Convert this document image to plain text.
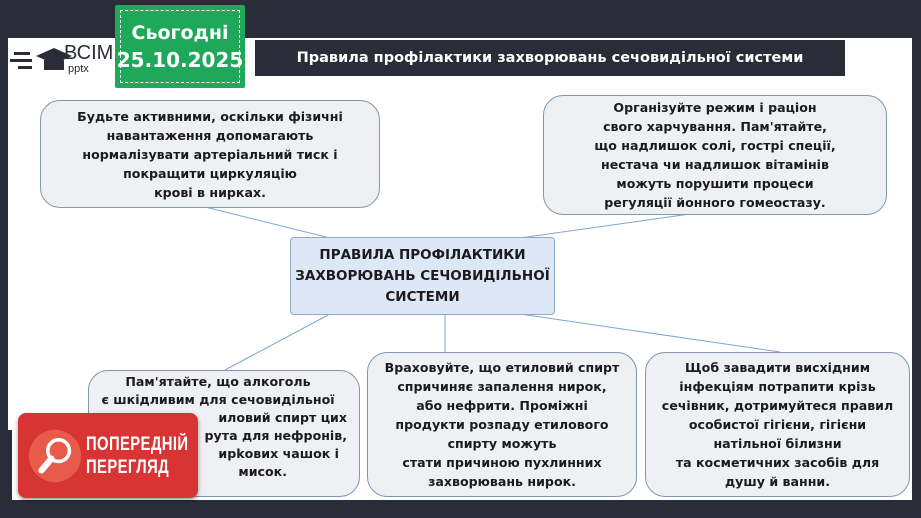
ВСІМ
pptx
Сьогодні
25.10.2025	Правила профілактики захворювань сечовидільної системи
Будьте активними, оскільки фізичні
навантаження допомагають
нормалізувати артеріальний тиск і
покращити циркуляцію
крові в нирках.
Організуйте режим і раціон
свого харчування. Пам'ятайте,
що надлишок солі, гострі спеції,
нестача чи надлишок вітамінів
можуть порушити процеси
регуляції йонного гомеостазу.
ПРАВИЛА ПРОФІЛАКТИКИ
ЗАХВОРЮВАНЬ СЕЧОВИДІЛЬНОЇ
СИСТЕМИ
Пам'ятайте, що алкоголь
є шкідливим для сечовидільної
иловий спирт цих
рута для нефронів,
ирkових чашок і
мисок.
Враховуйте, що етиловий спирт
спричиняє запалення нирок,
або нефрити. Проміжні
продукти розпаду етилового
спирту можуть
стати причиною пухлинних
захворювань нирок.
Щоб завадити висхідним
інфекціям потрапити крізь
сечівник, дотримуйтеся правил
особистої гігієни, гігієни
натільної білизни
та косметичних засобів для
душу й ванни.
ПОПЕРЕДНІЙ
ПЕРЕГЛЯД
